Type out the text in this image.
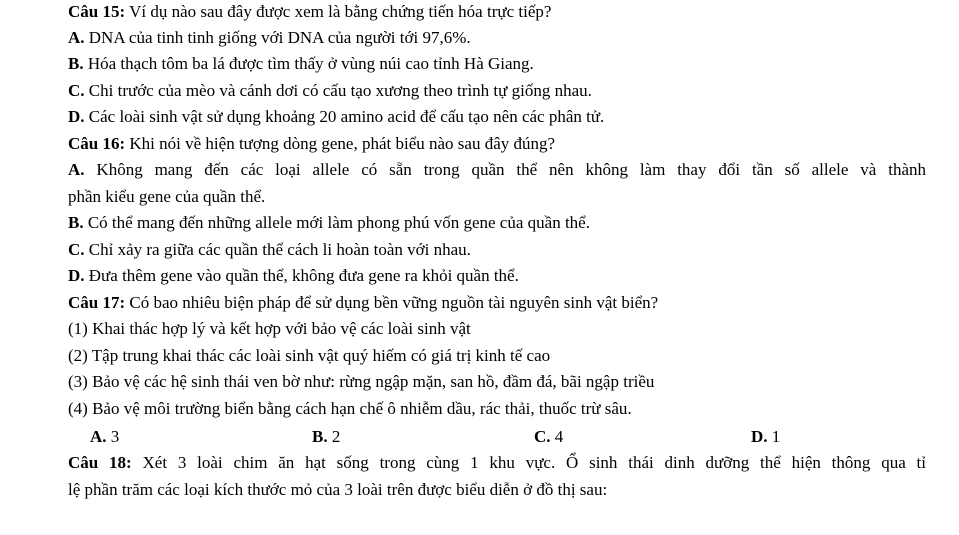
Câu 15: Ví dụ nào sau đây được xem là bằng chứng tiến hóa trực tiếp?
A. DNA của tinh tinh giống với DNA của người tới 97,6%.
B. Hóa thạch tôm ba lá được tìm thấy ở vùng núi cao tỉnh Hà Giang.
C. Chi trước của mèo và cánh dơi có cấu tạo xương theo trình tự giống nhau.
D. Các loài sinh vật sử dụng khoảng 20 amino acid để cấu tạo nên các phân tử.
Câu 16: Khi nói về hiện tượng dòng gene, phát biểu nào sau đây đúng?
A. Không mang đến các loại allele có sẵn trong quần thể nên không làm thay đổi tần số allele và thành
phần kiểu gene của quần thể.
B. Có thể mang đến những allele mới làm phong phú vốn gene của quần thể.
C. Chỉ xảy ra giữa các quần thể cách li hoàn toàn với nhau.
D. Đưa thêm gene vào quần thể, không đưa gene ra khỏi quần thể.
Câu 17: Có bao nhiêu biện pháp để sử dụng bền vững nguồn tài nguyên sinh vật biển?
(1) Khai thác hợp lý và kết hợp với bảo vệ các loài sinh vật
(2) Tập trung khai thác các loài sinh vật quý hiếm có giá trị kinh tế cao
(3) Bảo vệ các hệ sinh thái ven bờ như: rừng ngập mặn, san hồ, đầm đá, bãi ngập triều
(4) Bảo vệ môi trường biển bằng cách hạn chế ô nhiễm dầu, rác thải, thuốc trừ sâu.
A. 3	B. 2	C. 4	D. 1
Câu 18: Xét 3 loài chim ăn hạt sống trong cùng 1 khu vực. Ổ sinh thái dinh dưỡng thể hiện thông qua tỉ
lệ phần trăm các loại kích thước mỏ của 3 loài trên được biểu diễn ở đồ thị sau:
